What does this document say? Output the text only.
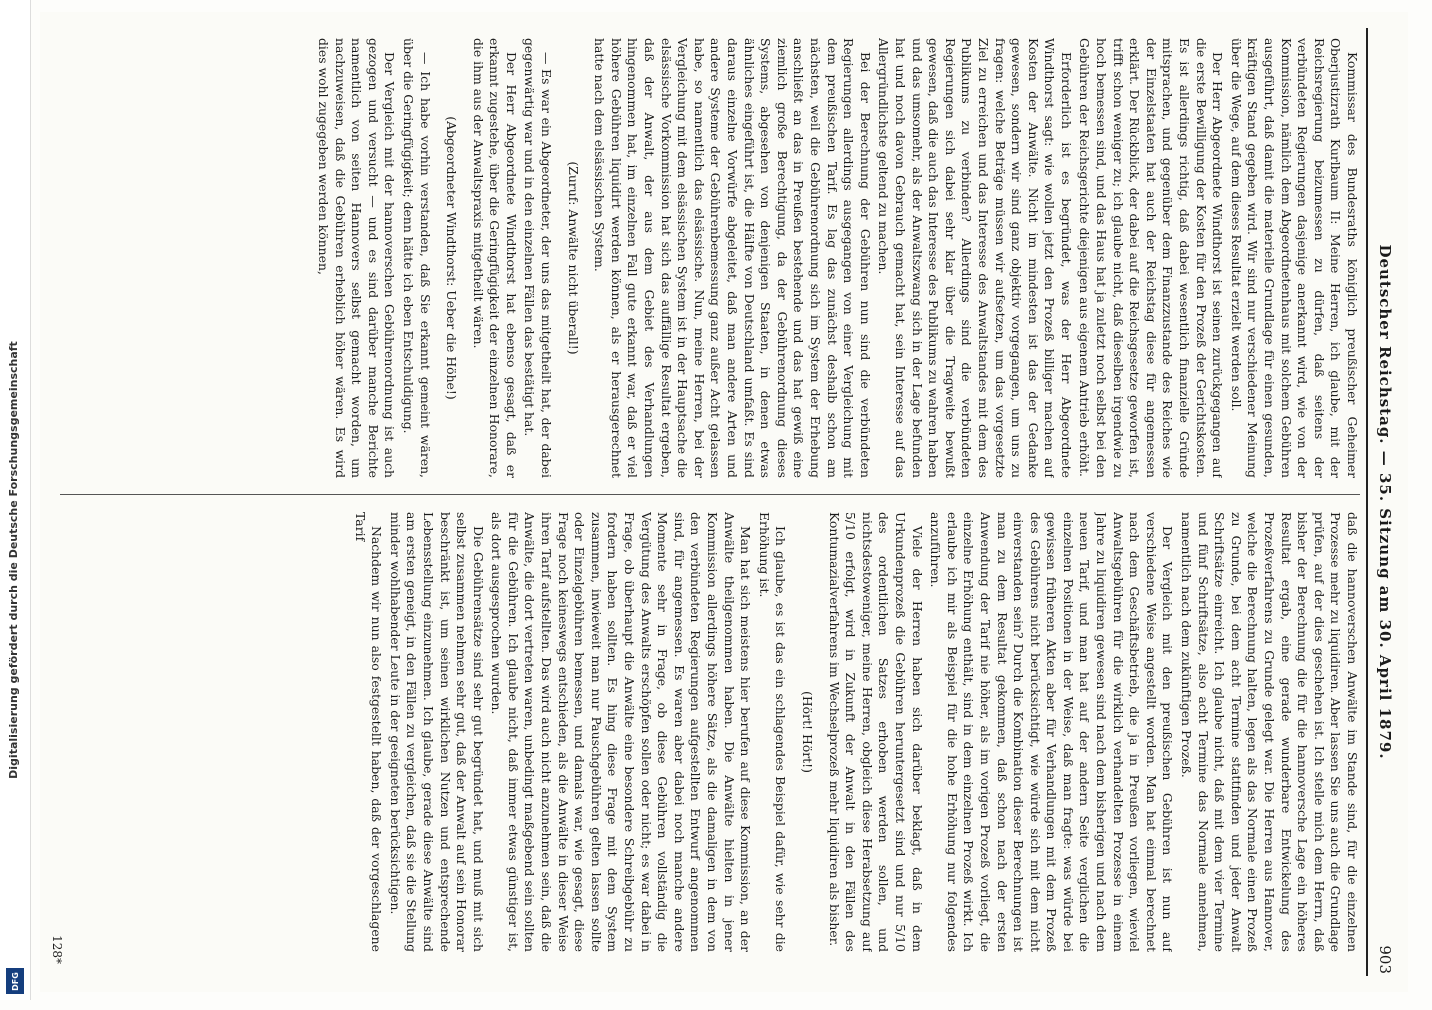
Digitalisierung gefördert durch die Deutsche Forschungsgemeinschaft
DFG
Deutscher Reichstag. — 35. Sitzung am 30. April 1879.
903

Kommissar des Bundesraths königlich preußischer Geheimer Oberjustizrath Kurlbaum II: Meine Herren, ich glaube, mit der Reichsregierung beizumessen zu dürfen, daß seitens der verbündeten Regierungen dasjenige anerkannt wird, wie von der Kommission, nämlich dem Abgeordnetenhaus mit solchem Gebühren ausgeführt, daß damit die materielle Grundlage für einen gesunden, kräftigen Stand gegeben wird. Wir sind nur verschiedener Meinung über die Wege, auf dem dieses Resultat erzielt werden soll.

Der Herr Abgeordnete Windthorst ist seinen zurückgegangen auf die erste Bewilligung der Kosten für den Prozeß der Gerichtskosten. Es ist allerdings richtig, daß dabei wesentlich finanzielle Gründe mitsprachen, und gegenüber dem Finanzzustande des Reiches wie der Einzelstaaten hat auch der Reichstag diese für angemessen erklärt. Der Rückblick, der dabei auf die Reichsgesetze geworfen ist, trifft schon weniger zu; ich glaube nicht, daß dieselben irgendwie zu hoch bemessen sind, und das Haus hat ja zuletzt noch selbst bei den Gebühren der Reichsgerichte diejenigen aus eigenem Antrieb erhöht.

Erforderlich ist es begründet, was der Herr Abgeordnete Windthorst sagt: wie wollen jetzt den Prozeß billiger machen auf Kosten der Anwälte. Nicht im mindesten ist das der Gedanke gewesen, sondern wir sind ganz objektiv vorgegangen, um uns zu fragen: welche Beträge müssen wir aufsetzen, um das vorgesetzte Ziel zu erreichen und das Interesse des Anwaltstandes mit dem des Publikums zu verbinden? Allerdings sind die verbündeten Regierungen sich dabei sehr klar über die Tragweite bewußt gewesen, daß die auch das Interesse des Publikums zu wahren haben und das umsomehr, als der Anwaltszwang sich in der Lage befunden hat und noch davon Gebrauch gemacht hat, sein Interesse auf das Allergründlichste geltend zu machen.

Bei der Berechnung der Gebühren nun sind die verbündeten Regierungen allerdings ausgegangen von einer Vergleichung mit dem preußischen Tarif. Es lag das zunächst deshalb schon am nächsten, weil die Gebührenordnung sich im System der Erhebung anschließt an das in Preußen bestehende und das hat gewiß eine ziemlich große Berechtigung, da der Gebührenordnung dieses Systems, abgesehen von denjenigen Staaten, in denen etwas ähnliches eingeführt ist, die Hälfte von Deutschland umfaßt. Es sind daraus einzelne Vorwürfe abgeleitet, daß man andere Arten und andere Systeme der Gebührenbemessung ganz außer Acht gelassen habe, so namentlich das elsässische. Nun, meine Herren, bei der Vergleichung mit dem elsässischen System ist in der Hauptsache die elsässische Vorkommission hat sich das auffällige Resultat ergeben, daß der Anwalt, der aus dem Gebiet des Verhandlungen hingenommen hat, im einzelnen Fall gute erkannt war, daß er viel höhere Gebühren liquidirt werden können, als er herausgerechnet hatte nach dem elsässischen System.

(Zuruf: Anwälte nicht überall!)

— Es war ein Abgeordneter, der uns das mitgetheilt hat, der dabei gegenwärtig war und in den einzelnen Fällen das bestätigt hat.

Der Herr Abgeordnete Windthorst hat ebenso gesagt, daß er erkannt zugestehe, über die Geringfügigkeit der einzelnen Honorare, die ihm aus der Anwaltspraxis mitgetheilt wären.

(Abgeordneter Windthorst: Ueber die Höhe!)

— Ich habe vorhin verstanden, daß Sie erkannt gemeint wären, über die Geringfügigkeit; denn hätte ich eben Entschuldigung.

Der Vergleich mit der hannoverschen Gebührenordnung ist auch gezogen und versucht — und es sind darüber manche Berichte namentlich von seiten Hannovers selbst gemacht worden, um nachzuweisen, daß die Gebühren erheblich höher wären. Es wird dies wohl zugegeben werden können,

daß die hannoverschen Anwälte im Stande sind, für die einzelnen Prozesse mehr zu liquidiren. Aber lassen Sie uns auch die Grundlage prüfen, auf der dies geschehen ist. Ich stelle mich dem Herrn, daß bisher der Berechnung die für die hannoversche Lage ein höheres Resultat ergab, eine gerade wunderbare Entwickelung des Prozeßverfahrens zu Grunde gelegt war. Die Herren aus Hannover, welche die Berechnung halten, legen als das Normale einen Prozeß zu Grunde, bei dem acht Termine stattfinden und jeder Anwalt Schriftsätze einreicht. Ich glaube nicht, daß mit dem vier Termine und fünf Schriftsätze, also acht Termine das Normale annehmen, namentlich nach dem zukünftigen Prozeß.

Der Vergleich mit den preußischen Gebühren ist nun auf verschiedene Weise angestellt worden. Man hat einmal berechnet nach dem Geschäftsbetrieb, die ja in Preußen vorliegen, wieviel Anwaltsgebühren für die wirklich verhandelten Prozesse in einem Jahre zu liquidiren gewesen sind nach dem bisherigen und nach dem neuen Tarif, und man hat auf der andern Seite verglichen die einzelnen Positionen in der Weise, daß man fragte: was würde bei gewissen früheren Akten aber für Verhandlungen mit dem Prozeß des Gebührens nicht berücksichtigt, wie würde sich mit dem nicht einverstanden sein? Durch die Kombination dieser Berechnungen ist man zu dem Resultat gekommen, daß schon nach der ersten Anwendung der Tarif nie höher, als im vorigen Prozeß vorliegt, die einzelne Erhöhung enthält, sind in dem einzelnen Prozeß wirkt. Ich erlaube ich mir als Beispiel für die hohe Erhöhung nur folgendes anzuführen.

Viele der Herren haben sich darüber beklagt, daß in dem Urkundenprozeß die Gebühren heruntergesetzt sind und nur 5/10 des ordentlichen Satzes erhoben werden sollen, und nichtsdestoweniger, meine Herren, obgleich diese Herabsetzung auf 5/10 erfolgt, wird in Zukunft der Anwalt in den Fällen des Kontumazialverfahrens im Wechselprozeß mehr liquidiren als bisher.

(Hört! Hört!)

Ich glaube, es ist das ein schlagendes Beispiel dafür, wie sehr die Erhöhung ist.

Man hat sich meistens hier berufen auf diese Kommission, an der Anwälte theilgenommen haben. Die Anwälte hielten in jener Kommission allerdings höhere Sätze, als die damaligen in dem von den verbündeten Regierungen aufgestellten Entwurf angenommen sind, für angemessen. Es waren aber dabei noch manche andere Momente sehr in Frage, ob diese Gebühren vollständig die Vergütung des Anwalts erschöpfen sollen oder nicht; es war dabei in Frage, ob überhaupt die Anwälte eine besondere Schreibgebühr zu fordern haben sollten. Es hing diese Frage mit dem System zusammen, inwieweit man nur Pauschgebühren gelten lassen sollte oder Einzelgebühren bemessen, und damals war, wie gesagt, diese Frage noch keineswegs entschieden, als die Anwälte in dieser Weise ihren Tarif aufstellten. Das wird auch nicht anzunehmen sein, daß die Anwälte, die dort vertreten waren, unbedingt maßgebend sein sollten für die Gebühren. Ich glaube nicht, daß immer etwas günstiger ist, als dort ausgesprochen wurden.

Die Gebührensätze sind sehr gut begründet hat, und muß mit sich selbst zusammen nehmen sehr gut, daß der Anwalt auf sein Honorar beschränkt ist, um seinen wirklichen Nutzen und entsprechende Lebensstellung einzunehmen. Ich glaube, gerade diese Anwälte sind am ersten geneigt, in den Fällen zu vergleichen, daß sie die Stellung minder wohlhabender Leute in der geeigneten berücksichtigen.

Nachdem wir nun also festgestellt haben, daß der vorgeschlagene Tarif

128*
